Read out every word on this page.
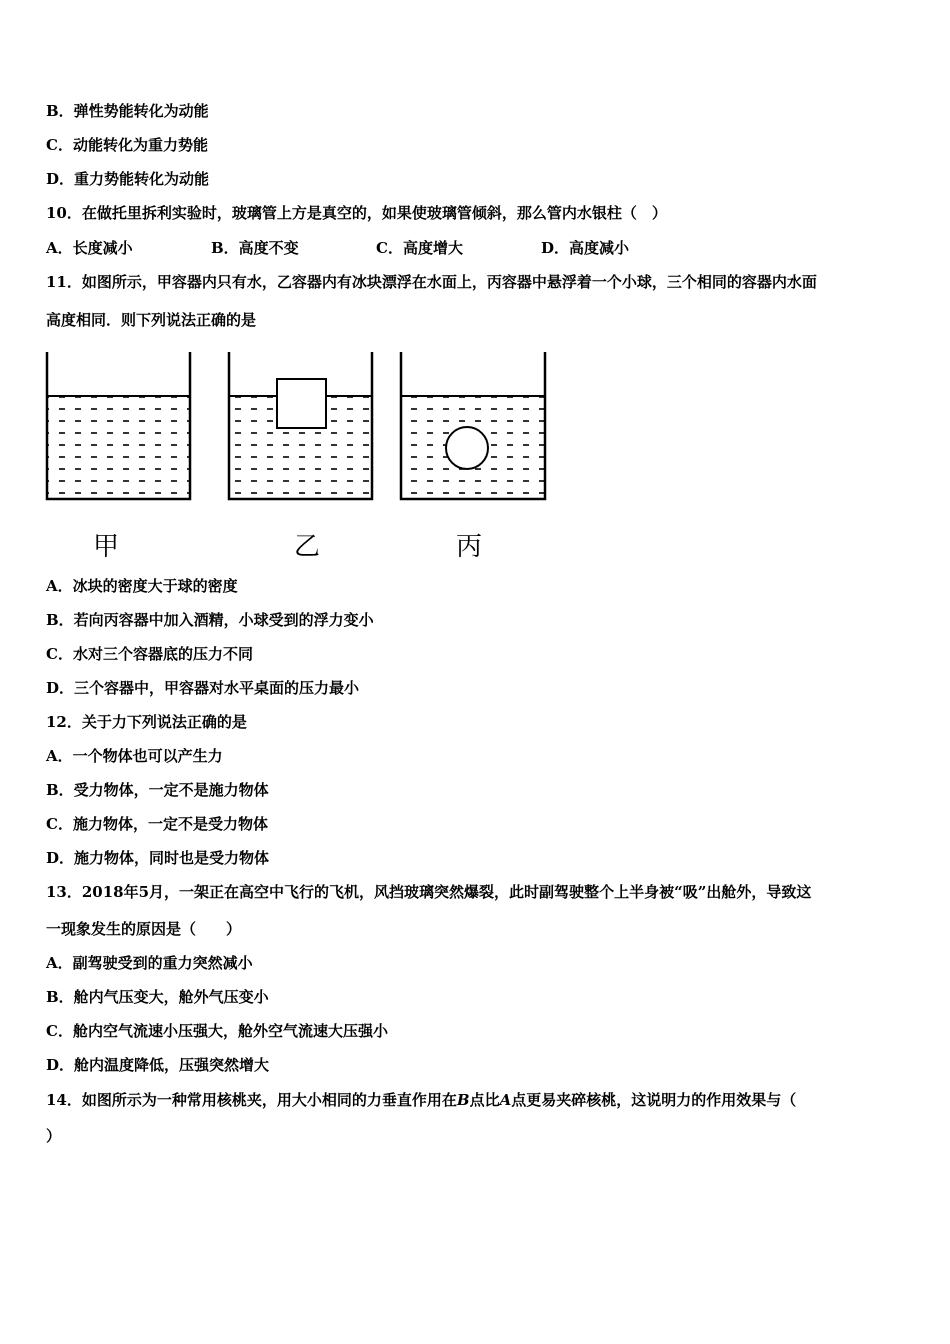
B．弹性势能转化为动能
C．动能转化为重力势能
D．重力势能转化为动能
10．在做托里拆利实验时，玻璃管上方是真空的，如果使玻璃管倾斜，那么管内水银柱（　）
A．长度减小	B．高度不变	C．高度增大	D．高度减小
11．如图所示，甲容器内只有水，乙容器内有冰块漂浮在水面上，丙容器中悬浮着一个小球，三个相同的容器内水面
高度相同．则下列说法正确的是
甲	乙	丙
A．冰块的密度大于球的密度
B．若向丙容器中加入酒精，小球受到的浮力变小
C．水对三个容器底的压力不同
D．三个容器中，甲容器对水平桌面的压力最小
12．关于力下列说法正确的是
A．一个物体也可以产生力
B．受力物体，一定不是施力物体
C．施力物体，一定不是受力物体
D．施力物体，同时也是受力物体
13．2018年5月，一架正在高空中飞行的飞机，风挡玻璃突然爆裂，此时副驾驶整个上半身被“吸”出舱外，导致这
一现象发生的原因是（　　）
A．副驾驶受到的重力突然减小
B．舱内气压变大，舱外气压变小
C．舱内空气流速小压强大，舱外空气流速大压强小
D．舱内温度降低，压强突然增大
14．如图所示为一种常用核桃夹，用大小相同的力垂直作用在B点比A点更易夹碎核桃，这说明力的作用效果与（
）
